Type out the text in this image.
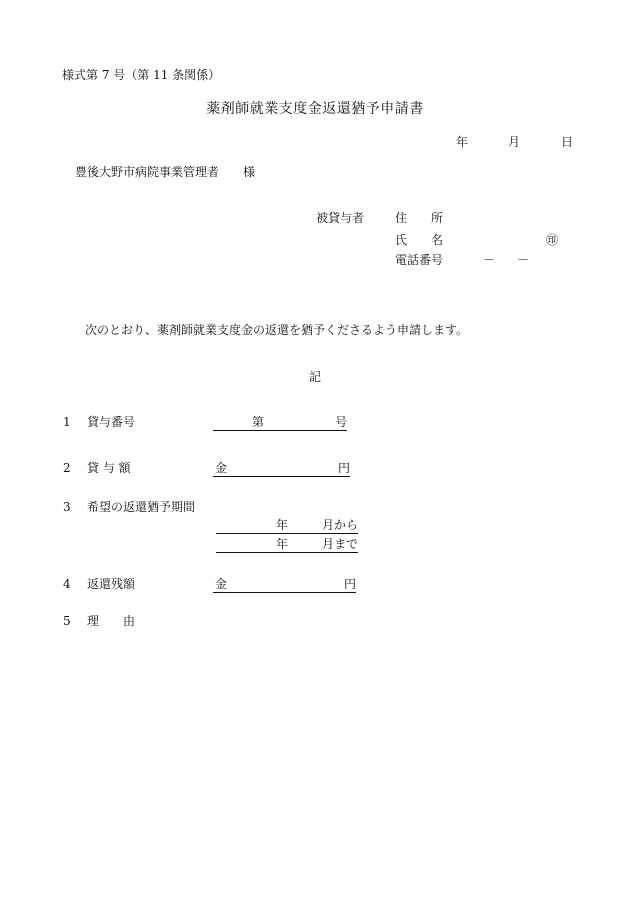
様式第 7 号（第 11 条関係）
薬剤師就業支度金返還猶予申請書
年	月	日
豊後大野市病院事業管理者　　様
被貸与者	住　　所
氏　　名	㊞
電話番号	－ －
次のとおり、薬剤師就業支度金の返還を猶予くださるよう申請します。
記
1 貸与番号	第	号
2 貸 与 額	金	円
3 希望の返還猶予期間
年	月から
年	月まで
4 返還残額	金	円
5 理　　由
